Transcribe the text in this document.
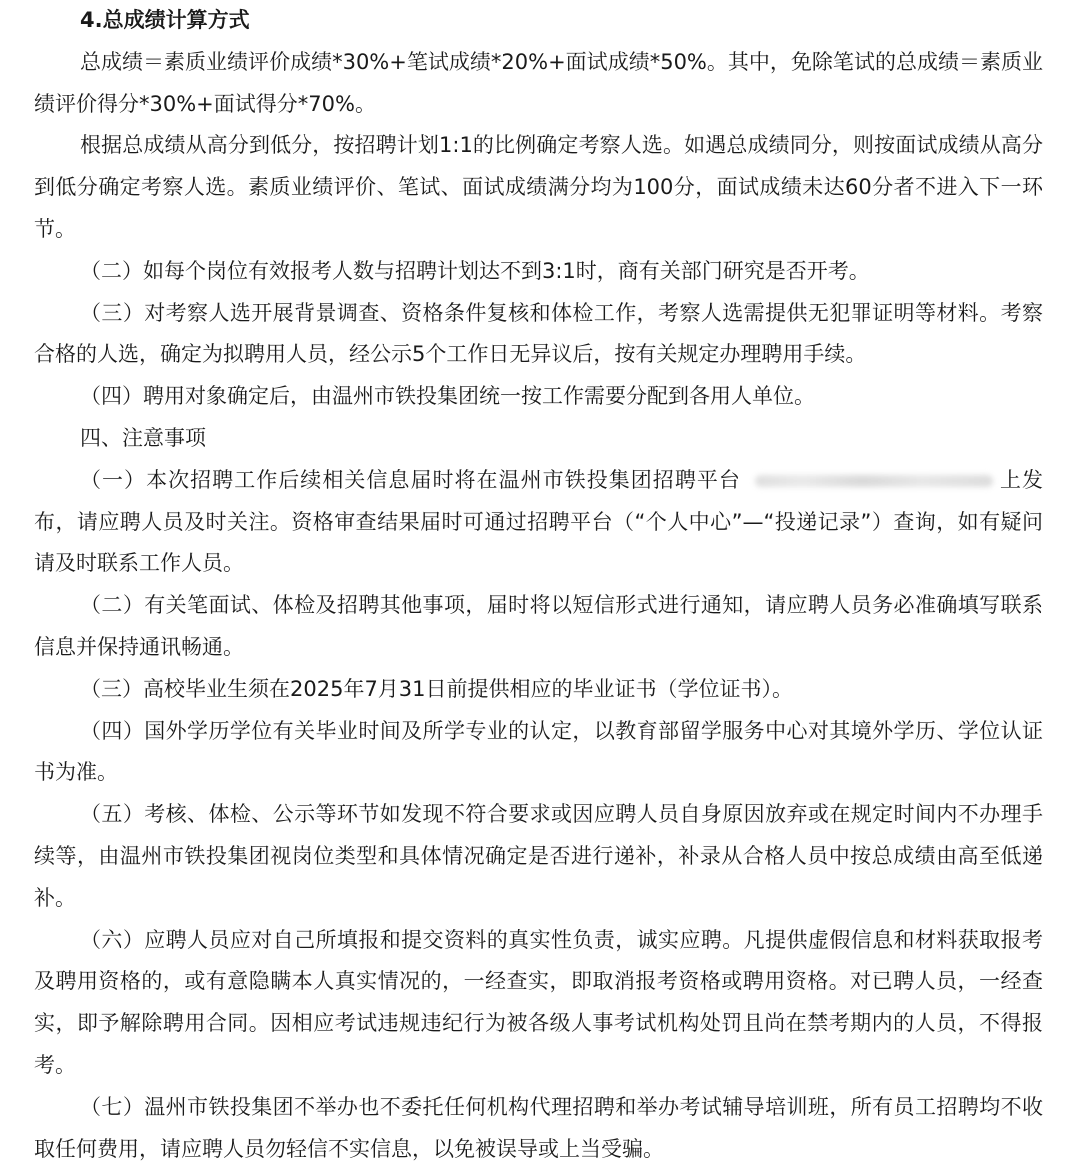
4.总成绩计算方式

总成绩＝素质业绩评价成绩*30%+笔试成绩*20%+面试成绩*50%。其中，免除笔试的总成绩＝素质业绩评价得分*30%+面试得分*70%。

根据总成绩从高分到低分，按招聘计划1:1的比例确定考察人选。如遇总成绩同分，则按面试成绩从高分到低分确定考察人选。素质业绩评价、笔试、面试成绩满分均为100分，面试成绩未达60分者不进入下一环节。

（二）如每个岗位有效报考人数与招聘计划达不到3:1时，商有关部门研究是否开考。

（三）对考察人选开展背景调查、资格条件复核和体检工作，考察人选需提供无犯罪证明等材料。考察合格的人选，确定为拟聘用人员，经公示5个工作日无异议后，按有关规定办理聘用手续。

（四）聘用对象确定后，由温州市铁投集团统一按工作需要分配到各用人单位。

四、注意事项

（一）本次招聘工作后续相关信息届时将在温州市铁投集团招聘平台	上发布，请应聘人员及时关注。资格审查结果届时可通过招聘平台（“个人中心”—“投递记录”）查询，如有疑问请及时联系工作人员。

（二）有关笔面试、体检及招聘其他事项，届时将以短信形式进行通知，请应聘人员务必准确填写联系信息并保持通讯畅通。

（三）高校毕业生须在2025年7月31日前提供相应的毕业证书（学位证书）。

（四）国外学历学位有关毕业时间及所学专业的认定，以教育部留学服务中心对其境外学历、学位认证书为准。

（五）考核、体检、公示等环节如发现不符合要求或因应聘人员自身原因放弃或在规定时间内不办理手续等，由温州市铁投集团视岗位类型和具体情况确定是否进行递补，补录从合格人员中按总成绩由高至低递补。

（六）应聘人员应对自己所填报和提交资料的真实性负责，诚实应聘。凡提供虚假信息和材料获取报考及聘用资格的，或有意隐瞒本人真实情况的，一经查实，即取消报考资格或聘用资格。对已聘人员，一经查实，即予解除聘用合同。因相应考试违规违纪行为被各级人事考试机构处罚且尚在禁考期内的人员，不得报考。

（七）温州市铁投集团不举办也不委托任何机构代理招聘和举办考试辅导培训班，所有员工招聘均不收取任何费用，请应聘人员勿轻信不实信息，以免被误导或上当受骗。
